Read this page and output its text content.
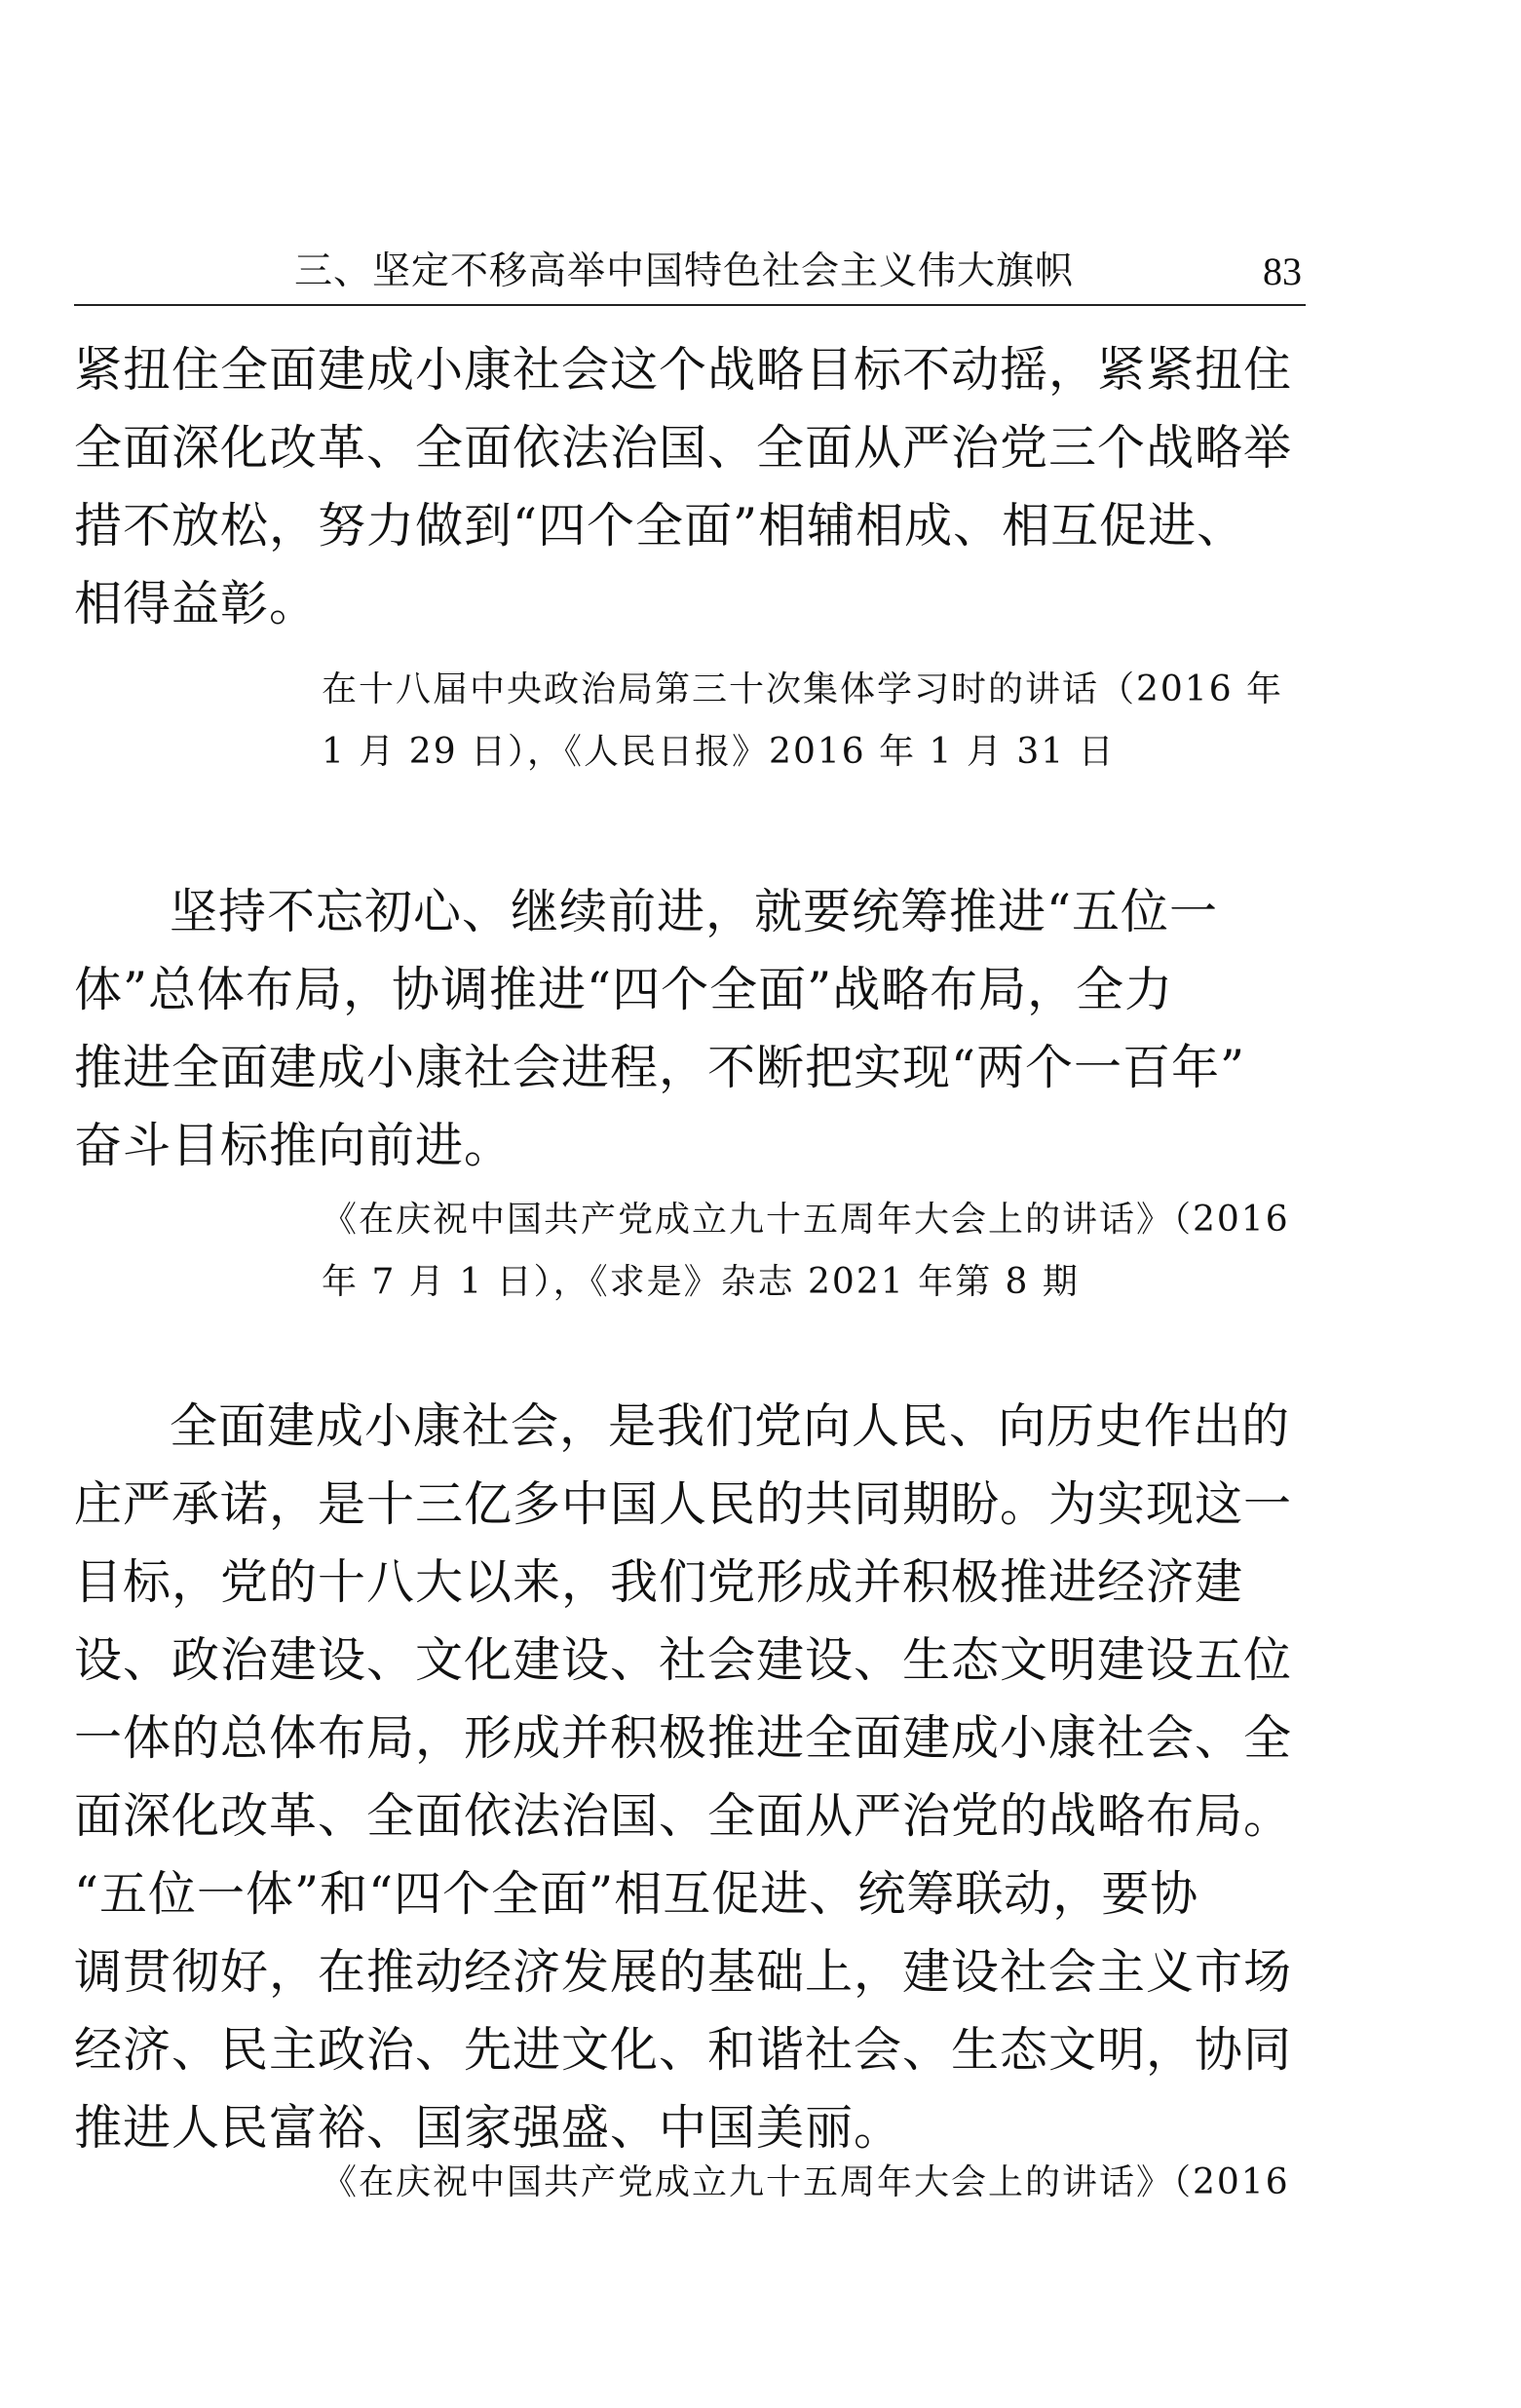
三、坚定不移高举中国特色社会主义伟大旗帜	83

紧扭住全面建成小康社会这个战略目标不动摇，紧紧扭住
全面深化改革、全面依法治国、全面从严治党三个战略举
措不放松，努力做到“四个全面”相辅相成、相互促进、
相得益彰。

在十八届中央政治局第三十次集体学习时的讲话（2016 年
1 月 29 日），《人民日报》2016 年 1 月 31 日

坚持不忘初心、继续前进，就要统筹推进“五位一
体”总体布局，协调推进“四个全面”战略布局，全力
推进全面建成小康社会进程，不断把实现“两个一百年”
奋斗目标推向前进。

《在庆祝中国共产党成立九十五周年大会上的讲话》（2016
年 7 月 1 日），《求是》杂志 2021 年第 8 期

全面建成小康社会，是我们党向人民、向历史作出的
庄严承诺，是十三亿多中国人民的共同期盼。为实现这一
目标，党的十八大以来，我们党形成并积极推进经济建
设、政治建设、文化建设、社会建设、生态文明建设五位
一体的总体布局，形成并积极推进全面建成小康社会、全
面深化改革、全面依法治国、全面从严治党的战略布局。
“五位一体”和“四个全面”相互促进、统筹联动，要协
调贯彻好，在推动经济发展的基础上，建设社会主义市场
经济、民主政治、先进文化、和谐社会、生态文明，协同
推进人民富裕、国家强盛、中国美丽。

《在庆祝中国共产党成立九十五周年大会上的讲话》（2016
